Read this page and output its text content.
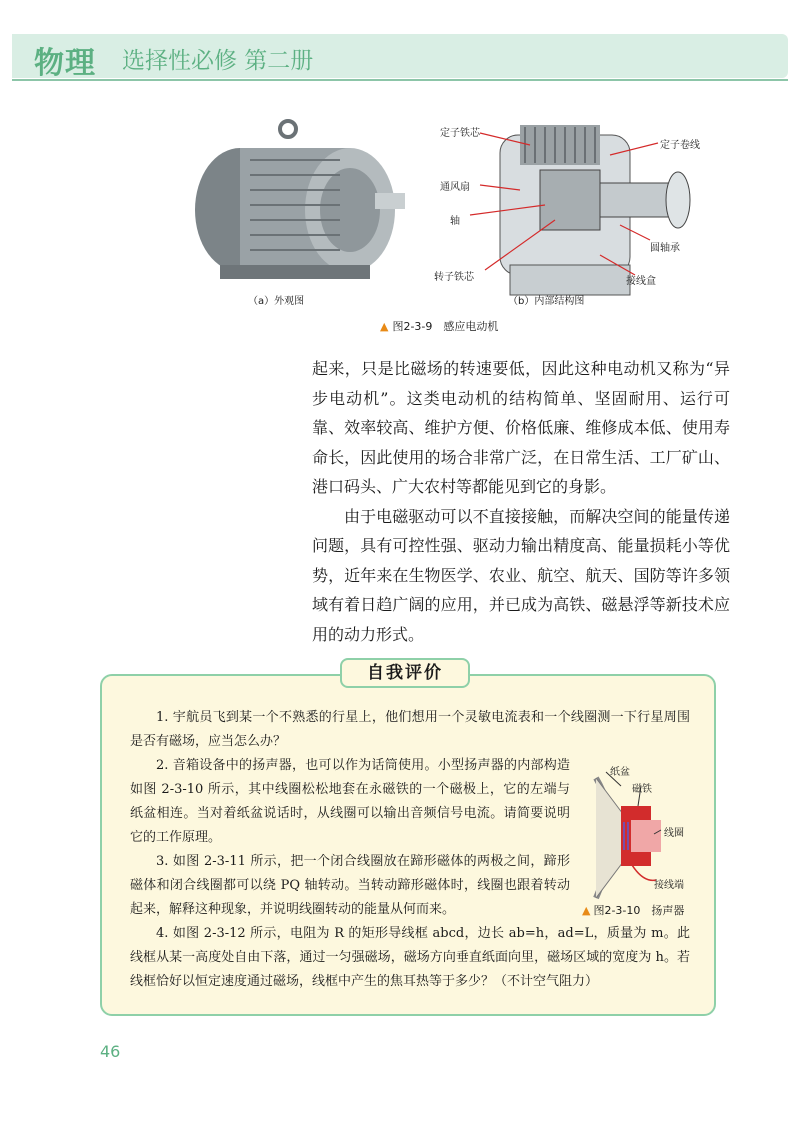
物理 选择性必修 第二册
（a）外观图	（b）内部结构图
定子铁芯
定子卷线
通风扇
轴
圆轴承
转子铁芯	接线盒
▲ 图2-3-9　感应电动机

起来，只是比磁场的转速要低，因此这种电动机又称为“异步电动机”。这类电动机的结构简单、坚固耐用、运行可靠、效率较高、维护方便、价格低廉、维修成本低、使用寿命长，因此使用的场合非常广泛，在日常生活、工厂矿山、港口码头、广大农村等都能见到它的身影。

由于电磁驱动可以不直接接触，而解决空间的能量传递问题，具有可控性强、驱动力输出精度高、能量损耗小等优势，近年来在生物医学、农业、航空、航天、国防等许多领域有着日趋广阔的应用，并已成为高铁、磁悬浮等新技术应用的动力形式。

自我评价
1. 宇航员飞到某一个不熟悉的行星上，他们想用一个灵敏电流表和一个线圈测一下行星周围是否有磁场，应当怎么办？
2. 音箱设备中的扬声器，也可以作为话筒使用。小型扬声器的内部构造如图 2-3-10 所示，其中线圈松松地套在永磁铁的一个磁极上，它的左端与纸盆相连。当对着纸盆说话时，从线圈可以输出音频信号电流。请简要说明它的工作原理。
3. 如图 2-3-11 所示，把一个闭合线圈放在蹄形磁体的两极之间，蹄形磁体和闭合线圈都可以绕 PQ 轴转动。当转动蹄形磁体时，线圈也跟着转动起来，解释这种现象，并说明线圈转动的能量从何而来。
4. 如图 2-3-12 所示，电阻为 R 的矩形导线框 abcd，边长 ab=h，ad=L，质量为 m。此线框从某一高度处自由下落，通过一匀强磁场，磁场方向垂直纸面向里，磁场区域的宽度为 h。若线框恰好以恒定速度通过磁场，线框中产生的焦耳热等于多少？（不计空气阻力）
纸盆
磁铁
线圈
接线端
▲ 图2-3-10　扬声器
46
